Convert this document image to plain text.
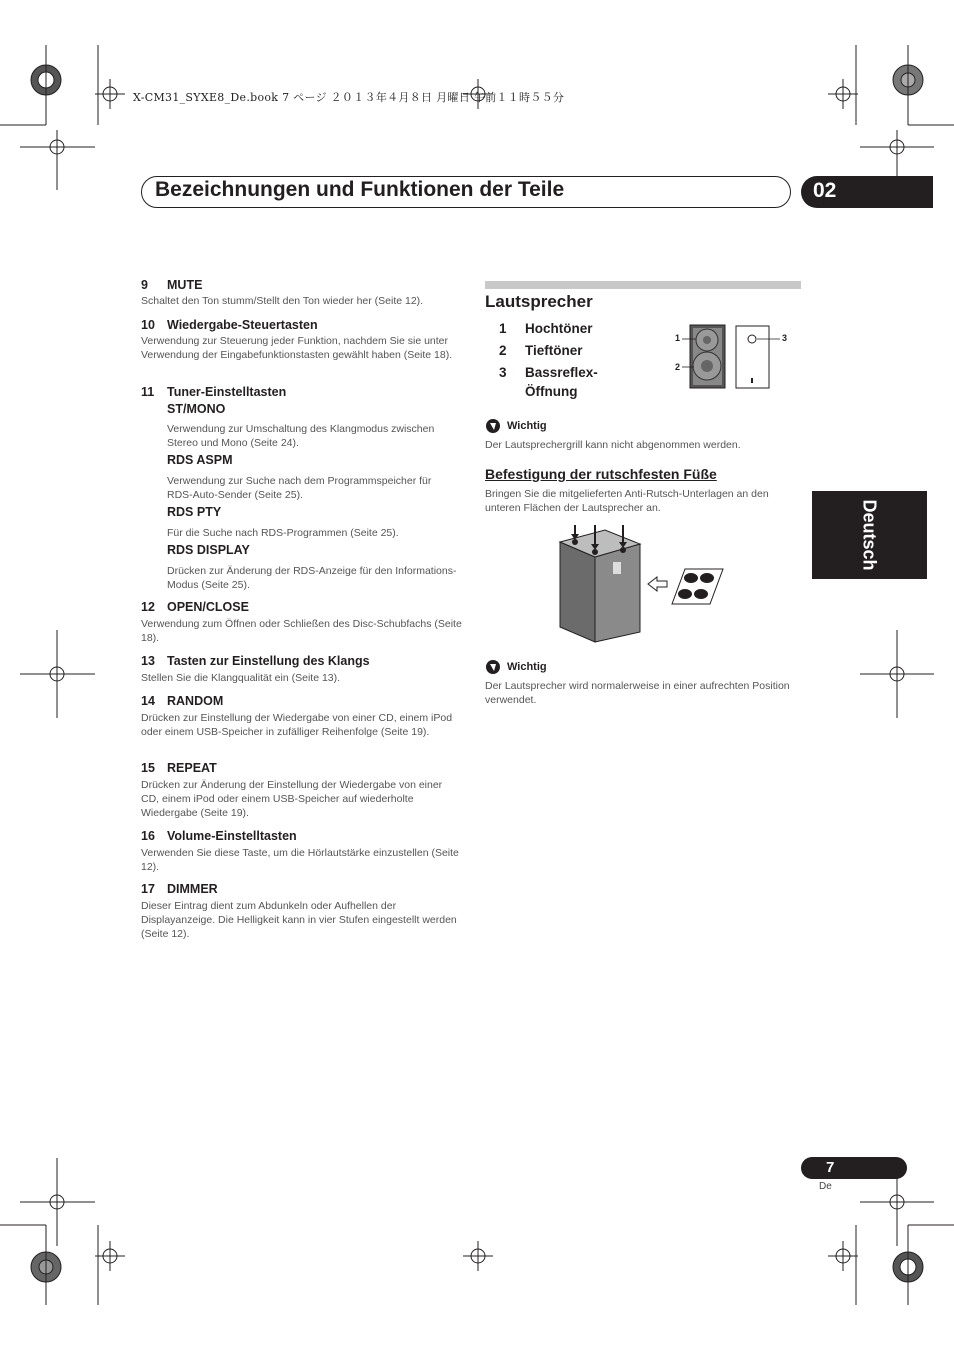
X-CM31_SYXE8_De.book 7 ページ ２０１３年４月８日 月曜日 午前１１時５５分
Bezeichnungen und Funktionen der Teile	02
Deutsch
9 MUTE
Schaltet den Ton stumm/Stellt den Ton wieder her (Seite 12).
10 Wiedergabe-Steuertasten
Verwendung zur Steuerung jeder Funktion, nachdem Sie sie unter Verwendung der Eingabefunktionstasten gewählt haben (Seite 18).
11 Tuner-Einstelltasten
ST/MONO
Verwendung zur Umschaltung des Klangmodus zwischen Stereo und Mono (Seite 24).
RDS ASPM
Verwendung zur Suche nach dem Programmspeicher für RDS-Auto-Sender (Seite 25).
RDS PTY
Für die Suche nach RDS-Programmen (Seite 25).
RDS DISPLAY
Drücken zur Änderung der RDS-Anzeige für den Informations-Modus (Seite 25).
12 OPEN/CLOSE
Verwendung zum Öffnen oder Schließen des Disc-Schubfachs (Seite 18).
13 Tasten zur Einstellung des Klangs
Stellen Sie die Klangqualität ein (Seite 13).
14 RANDOM
Drücken zur Einstellung der Wiedergabe von einer CD, einem iPod oder einem USB-Speicher in zufälliger Reihenfolge (Seite 19).
15 REPEAT
Drücken zur Änderung der Einstellung der Wiedergabe von einer CD, einem iPod oder einem USB-Speicher auf wiederholte Wiedergabe (Seite 19).
16 Volume-Einstelltasten
Verwenden Sie diese Taste, um die Hörlautstärke einzustellen (Seite 12).
17 DIMMER
Dieser Eintrag dient zum Abdunkeln oder Aufhellen der Displayanzeige. Die Helligkeit kann in vier Stufen eingestellt werden (Seite 12).
Lautsprecher
1 Hochtöner
2 Tieftöner
3 Bassreflex-
Öffnung
1
2
3
Wichtig
Der Lautsprechergrill kann nicht abgenommen werden.
Befestigung der rutschfesten Füße
Bringen Sie die mitgelieferten Anti-Rutsch-Unterlagen an den unteren Flächen der Lautsprecher an.
Wichtig
Der Lautsprecher wird normalerweise in einer aufrechten Position verwendet.
7
De
